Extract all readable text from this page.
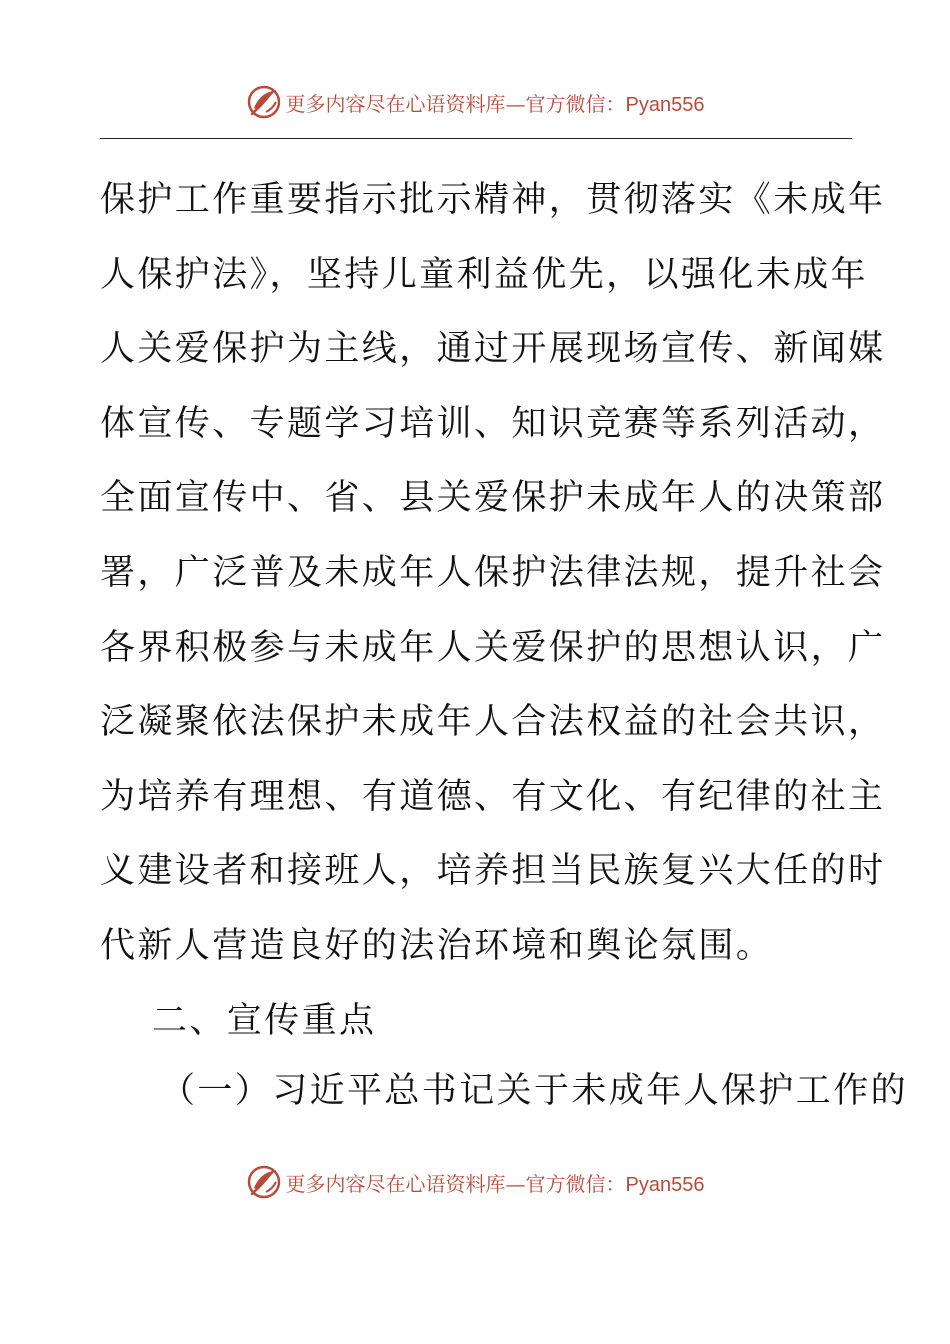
更多内容尽在心语资料库—官方微信：Pyan556
保护工作重要指示批示精神，贯彻落实《未成年
人保护法》，坚持儿童利益优先，以强化未成年
人关爱保护为主线，通过开展现场宣传、新闻媒
体宣传、专题学习培训、知识竞赛等系列活动，
全面宣传中、省、县关爱保护未成年人的决策部
署，广泛普及未成年人保护法律法规，提升社会
各界积极参与未成年人关爱保护的思想认识，广
泛凝聚依法保护未成年人合法权益的社会共识，
为培养有理想、有道德、有文化、有纪律的社主
义建设者和接班人，培养担当民族复兴大任的时
代新人营造良好的法治环境和舆论氛围。
二、宣传重点
（一）习近平总书记关于未成年人保护工作的
更多内容尽在心语资料库—官方微信：Pyan556
